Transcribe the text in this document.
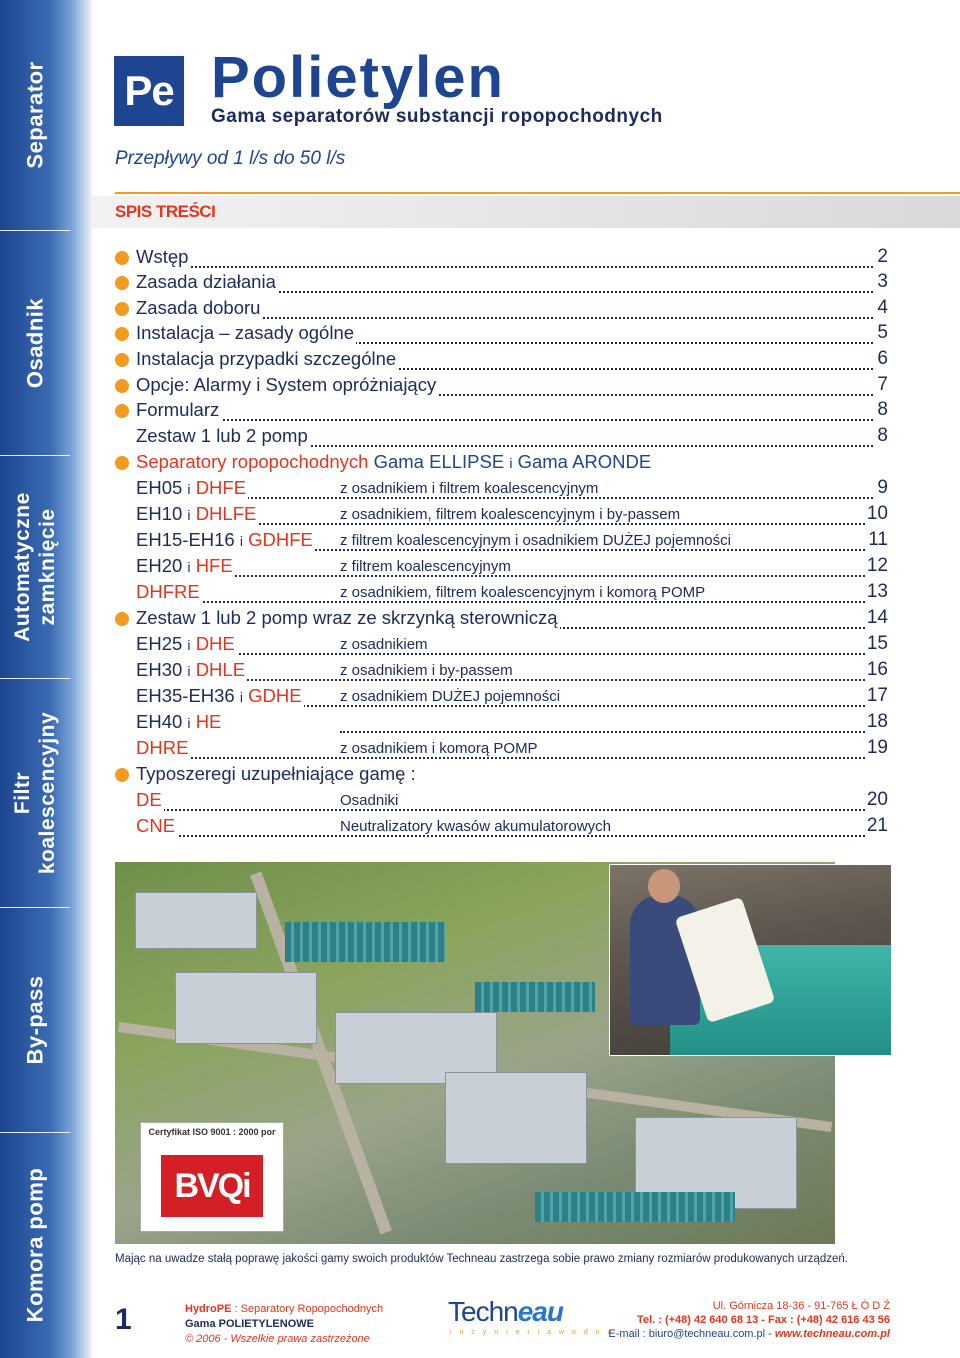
Separator
Osadnik
Automatyczne zamknięcie
Filtr koalescencyjny
By-pass
Komora pomp
Pe Polietylen
Gama separatorów substancji ropopochodnych
Przepływy od 1 l/s do 50 l/s
SPIS TREŚCI
Wstęp	2
Zasada działania	3
Zasada doboru	4
Instalacja – zasady ogólne	5
Instalacja przypadki szczególne	6
Opcje: Alarmy i System opróżniający	7
Formularz	8
Zestaw 1 lub 2 pomp	8
Separatory ropopochodnych Gama ELLIPSE i Gama ARONDE
EH05 i DHFE	z osadnikiem i filtrem koalescencyjnym	9
EH10 i DHLFE	z osadnikiem, filtrem koalescencyjnym i by-passem	10
EH15-EH16 i GDHFE z filtrem koalescencyjnym i osadnikiem DUŻEJ pojemności	11
EH20 i HFE	z filtrem koalescencyjnym	12
DHFRE	z osadnikiem, filtrem koalescencyjnym i komorą POMP	13
Zestaw 1 lub 2 pomp wraz ze skrzynką sterowniczą	14
EH25 i DHE	z osadnikiem	15
EH30 i DHLE	z osadnikiem i by-passem	16
EH35-EH36 i GDHE	z osadnikiem DUŻEJ pojemności	17
EH40 i HE	18
DHRE	z osadnikiem i komorą POMP	19
Typoszeregi uzupełniające gamę :
DE	Osadniki	20
CNE	Neutralizatory kwasów akumulatorowych	21
Certyfikat ISO 9001 : 2000 por
BVQi
Mając na uwadze stałą poprawę jakości gamy swoich produktów Techneau zastrzega sobie prawo zmiany rozmiarów produkowanych urządzeń.
1	HydroPE : Separatory Ropopochodnych
Gama POLIETYLENOWE
© 2006 - Wszelkie prawa zastrzeżone
Techneau
i n ż y n i e r i a w o d n a
Ul. Górnicza 18-36 - 91-765 Ł Ó D Ź
Tel. : (+48) 42 640 68 13 - Fax : (+48) 42 616 43 56
E-mail : biuro@techneau.com.pl - www.techneau.com.pl
